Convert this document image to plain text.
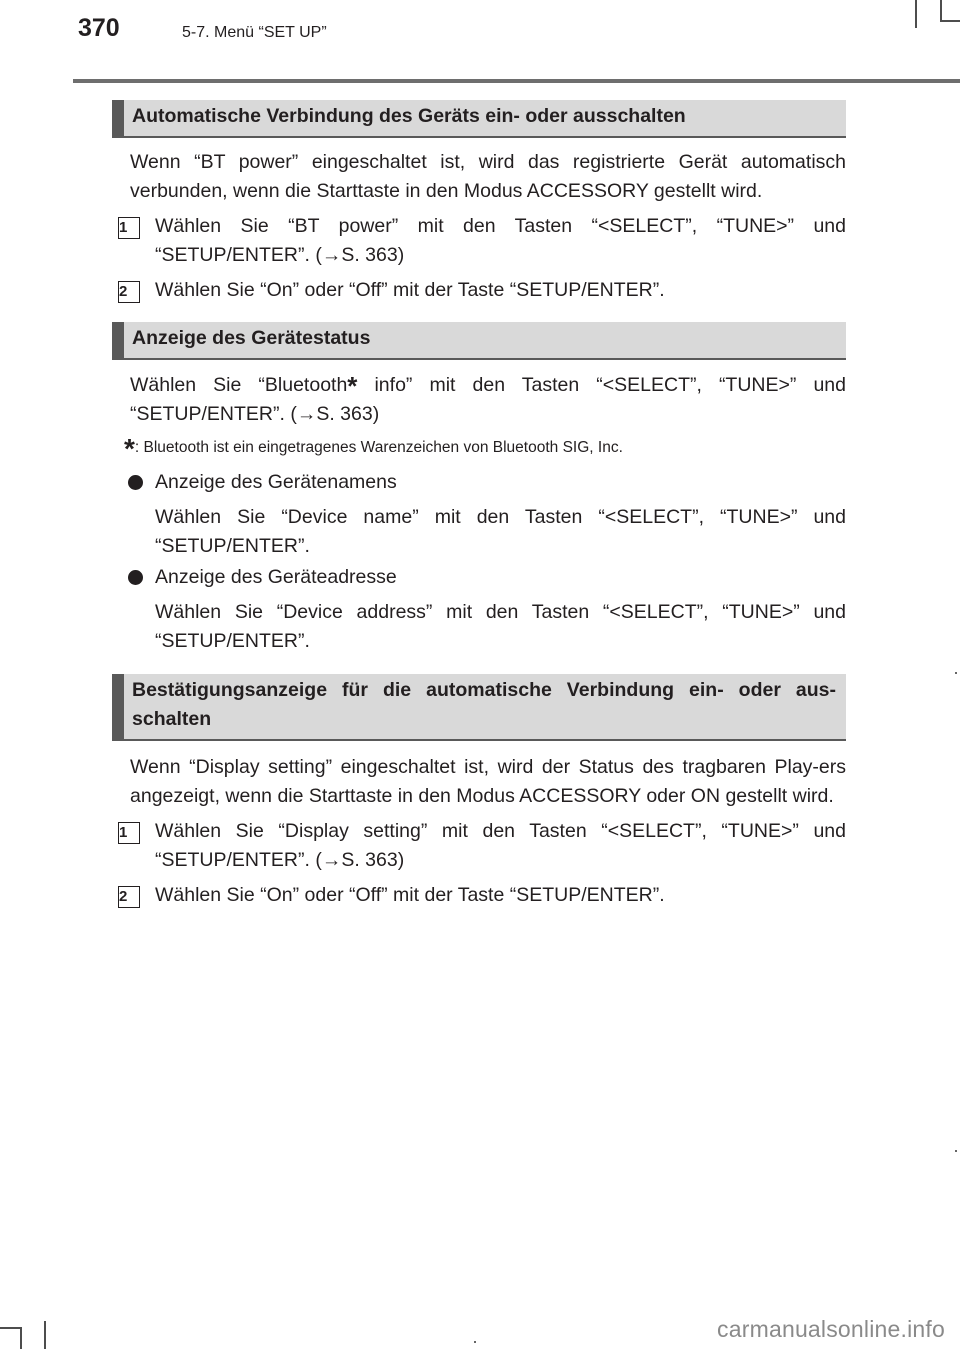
370	5-7. Menü “SET UP”
Automatische Verbindung des Geräts ein- oder ausschalten
Wenn “BT power” eingeschaltet ist, wird das registrierte Gerät automatisch verbunden, wenn die Starttaste in den Modus ACCESSORY gestellt wird.
1	Wählen Sie “BT power” mit den Tasten “<SELECT”, “TUNE>” und “SETUP/ENTER”. (→S. 363)
2	Wählen Sie “On” oder “Off” mit der Taste “SETUP/ENTER”.
Anzeige des Gerätestatus
Wählen Sie “Bluetooth* info” mit den Tasten “<SELECT”, “TUNE>” und “SETUP/ENTER”. (→S. 363)
*: Bluetooth ist ein eingetragenes Warenzeichen von Bluetooth SIG, Inc.
Anzeige des Gerätenamens
Wählen Sie “Device name” mit den Tasten “<SELECT”, “TUNE>” und “SETUP/ENTER”.
Anzeige des Geräteadresse
Wählen Sie “Device address” mit den Tasten “<SELECT”, “TUNE>” und “SETUP/ENTER”.
Bestätigungsanzeige für die automatische Verbindung ein- oder aus-schalten
Wenn “Display setting” eingeschaltet ist, wird der Status des tragbaren Play-ers angezeigt, wenn die Starttaste in den Modus ACCESSORY oder ON gestellt wird.
1	Wählen Sie “Display setting” mit den Tasten “<SELECT”, “TUNE>” und “SETUP/ENTER”. (→S. 363)
2	Wählen Sie “On” oder “Off” mit der Taste “SETUP/ENTER”.
carmanualsonline.info
